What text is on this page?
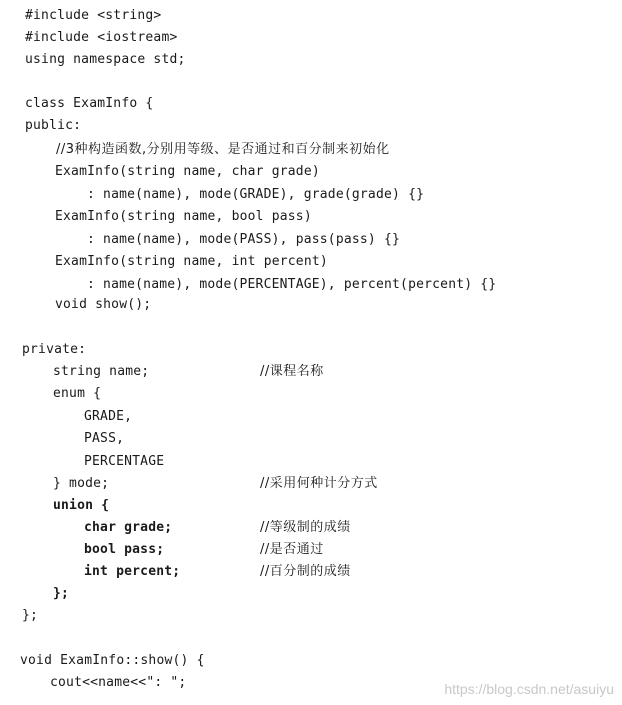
#include <string>
#include <iostream>
using namespace std;
class ExamInfo {
public:
//3种构造函数,分别用等级、是否通过和百分制来初始化
ExamInfo(string name, char grade)
: name(name), mode(GRADE), grade(grade) {}
ExamInfo(string name, bool pass)
: name(name), mode(PASS), pass(pass) {}
ExamInfo(string name, int percent)
: name(name), mode(PERCENTAGE), percent(percent) {}
void show();
private:
string name;	//课程名称
enum {
GRADE,
PASS,
PERCENTAGE
} mode;	//采用何种计分方式
union {
char grade;	//等级制的成绩
bool pass;	//是否通过
int percent;	//百分制的成绩
};
};
void ExamInfo::show() {
cout<<name<<": ";	https://blog.csdn.net/asuiyu
